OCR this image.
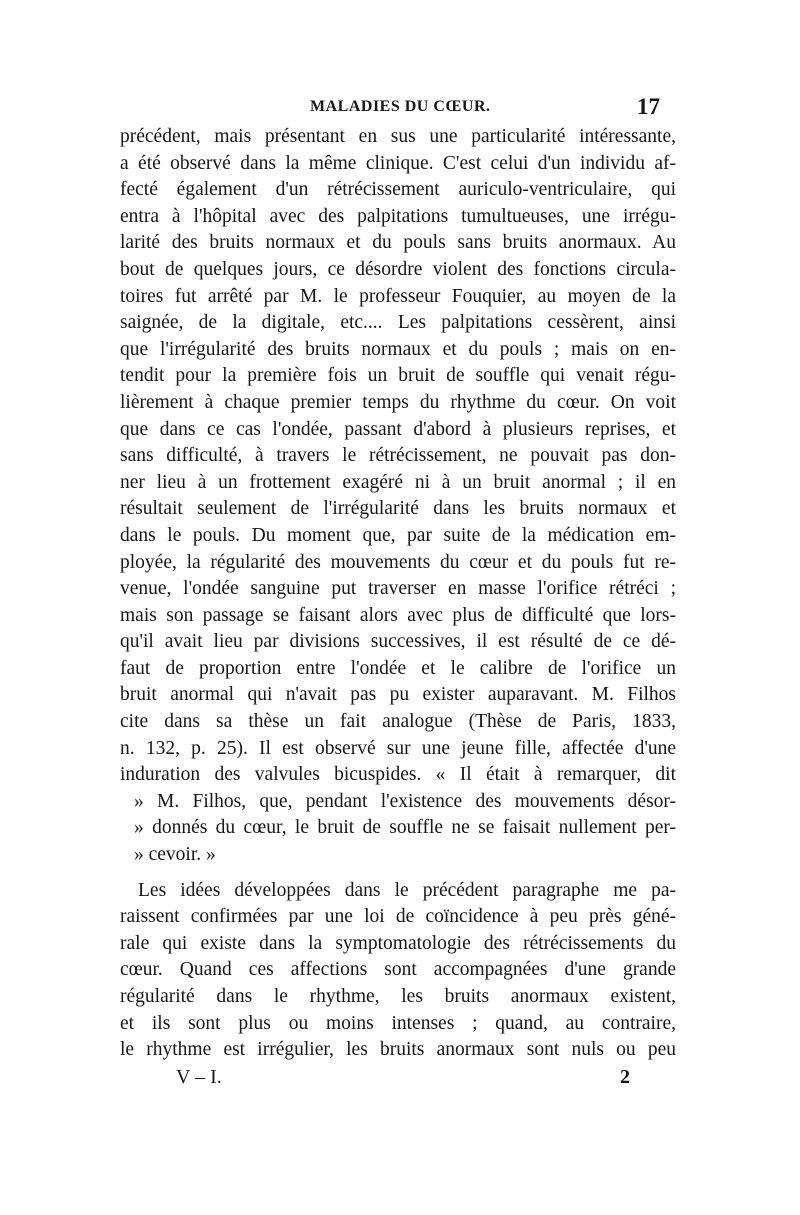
MALADIES DU CŒUR.	17
précédent, mais présentant en sus une particularité intéressante,
a été observé dans la même clinique. C'est celui d'un individu af-
fecté également d'un rétrécissement auriculo-ventriculaire, qui
entra à l'hôpital avec des palpitations tumultueuses, une irrégu-
larité des bruits normaux et du pouls sans bruits anormaux. Au
bout de quelques jours, ce désordre violent des fonctions circula-
toires fut arrêté par M. le professeur Fouquier, au moyen de la
saignée, de la digitale, etc.... Les palpitations cessèrent, ainsi
que l'irrégularité des bruits normaux et du pouls ; mais on en-
tendit pour la première fois un bruit de souffle qui venait régu-
lièrement à chaque premier temps du rhythme du cœur. On voit
que dans ce cas l'ondée, passant d'abord à plusieurs reprises, et
sans difficulté, à travers le rétrécissement, ne pouvait pas don-
ner lieu à un frottement exagéré ni à un bruit anormal ; il en
résultait seulement de l'irrégularité dans les bruits normaux et
dans le pouls. Du moment que, par suite de la médication em-
ployée, la régularité des mouvements du cœur et du pouls fut re-
venue, l'ondée sanguine put traverser en masse l'orifice rétréci ;
mais son passage se faisant alors avec plus de difficulté que lors-
qu'il avait lieu par divisions successives, il est résulté de ce dé-
faut de proportion entre l'ondée et le calibre de l'orifice un
bruit anormal qui n'avait pas pu exister auparavant. M. Filhos
cite dans sa thèse un fait analogue (Thèse de Paris, 1833,
n. 132, p. 25). Il est observé sur une jeune fille, affectée d'une
induration des valvules bicuspides. « Il était à remarquer, dit
» M. Filhos, que, pendant l'existence des mouvements désor-
» donnés du cœur, le bruit de souffle ne se faisait nullement per-
» cevoir. »
Les idées développées dans le précédent paragraphe me pa-
raissent confirmées par une loi de coïncidence à peu près géné-
rale qui existe dans la symptomatologie des rétrécissements du
cœur. Quand ces affections sont accompagnées d'une grande
régularité dans le rhythme, les bruits anormaux existent,
et ils sont plus ou moins intenses ; quand, au contraire,
le rhythme est irrégulier, les bruits anormaux sont nuls ou peu
V – I.	2
